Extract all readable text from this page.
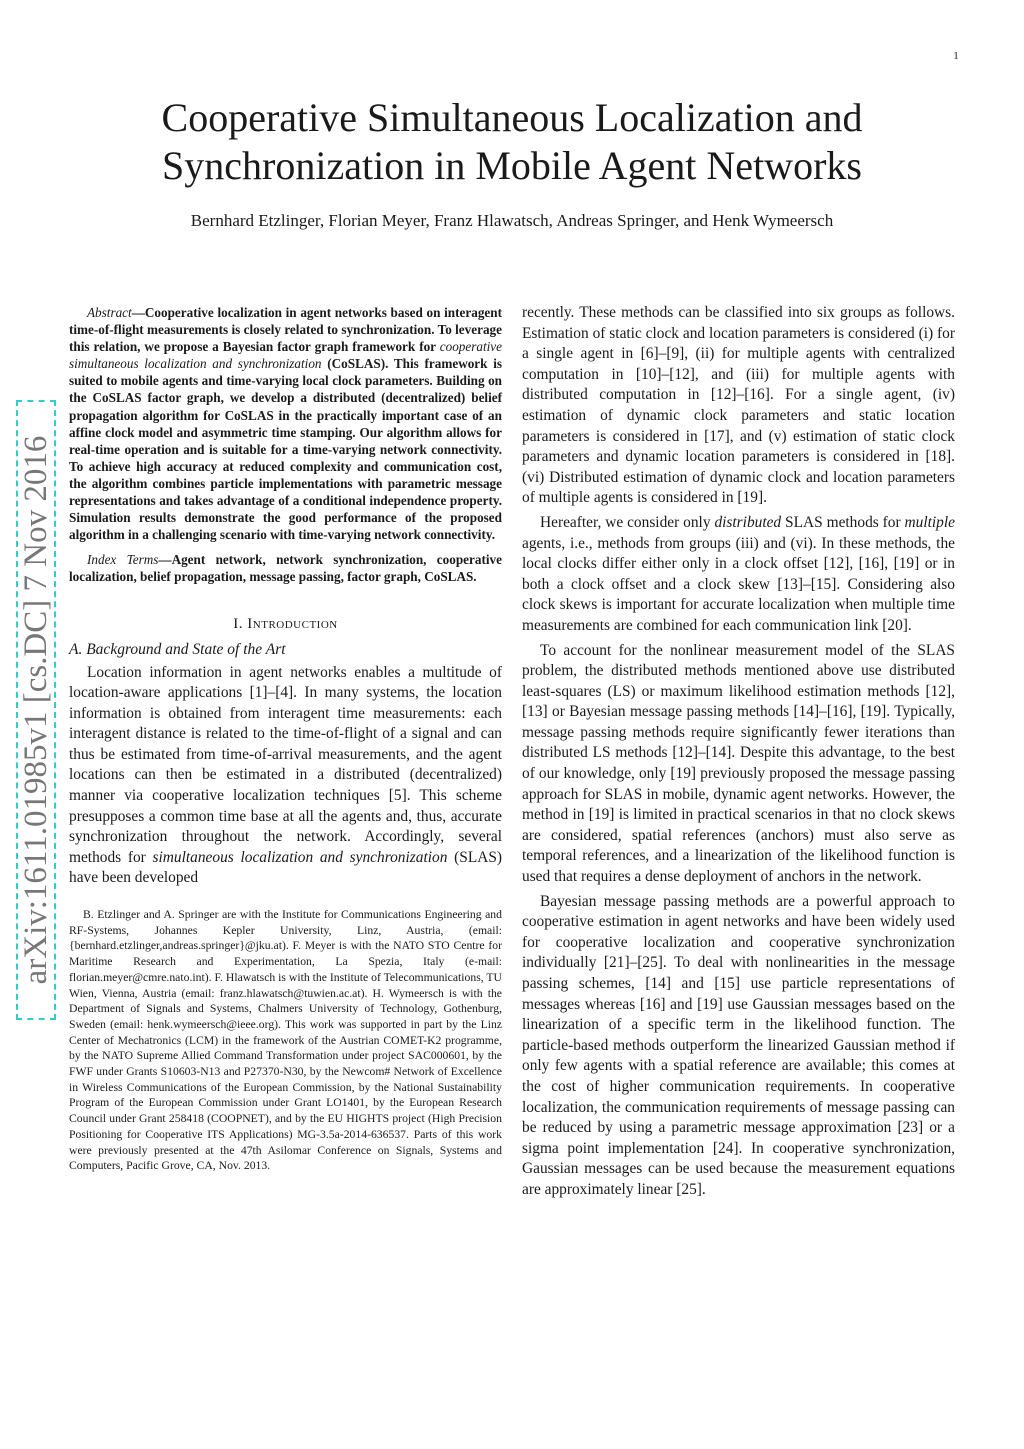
1
Cooperative Simultaneous Localization and Synchronization in Mobile Agent Networks
Bernhard Etzlinger, Florian Meyer, Franz Hlawatsch, Andreas Springer, and Henk Wymeersch
arXiv:1611.01985v1 [cs.DC] 7 Nov 2016

Abstract—Cooperative localization in agent networks based on interagent time-of-flight measurements is closely related to synchronization. To leverage this relation, we propose a Bayesian factor graph framework for cooperative simultaneous localization and synchronization (CoSLAS). This framework is suited to mobile agents and time-varying local clock parameters. Building on the CoSLAS factor graph, we develop a distributed (decentralized) belief propagation algorithm for CoSLAS in the practically important case of an affine clock model and asymmetric time stamping. Our algorithm allows for real-time operation and is suitable for a time-varying network connectivity. To achieve high accuracy at reduced complexity and communication cost, the algorithm combines particle implementations with parametric message representations and takes advantage of a conditional independence property. Simulation results demonstrate the good performance of the proposed algorithm in a challenging scenario with time-varying network connectivity.

Index Terms—Agent network, network synchronization, cooperative localization, belief propagation, message passing, factor graph, CoSLAS.

I. Introduction
A. Background and State of the Art

Location information in agent networks enables a multitude of location-aware applications [1]–[4]. In many systems, the location information is obtained from interagent time measurements: each interagent distance is related to the time-of-flight of a signal and can thus be estimated from time-of-arrival measurements, and the agent locations can then be estimated in a distributed (decentralized) manner via cooperative localization techniques [5]. This scheme presupposes a common time base at all the agents and, thus, accurate synchronization throughout the network. Accordingly, several methods for simultaneous localization and synchronization (SLAS) have been developed

B. Etzlinger and A. Springer are with the Institute for Communications Engineering and RF-Systems, Johannes Kepler University, Linz, Austria, (email:{bernhard.etzlinger,andreas.springer}@jku.at). F. Meyer is with the NATO STO Centre for Maritime Research and Experimentation, La Spezia, Italy (e-mail: florian.meyer@cmre.nato.int). F. Hlawatsch is with the Institute of Telecommunications, TU Wien, Vienna, Austria (email: franz.hlawatsch@tuwien.ac.at). H. Wymeersch is with the Department of Signals and Systems, Chalmers University of Technology, Gothenburg, Sweden (email: henk.wymeersch@ieee.org). This work was supported in part by the Linz Center of Mechatronics (LCM) in the framework of the Austrian COMET-K2 programme, by the NATO Supreme Allied Command Transformation under project SAC000601, by the FWF under Grants S10603-N13 and P27370-N30, by the Newcom# Network of Excellence in Wireless Communications of the European Commission, by the National Sustainability Program of the European Commission under Grant LO1401, by the European Research Council under Grant 258418 (COOPNET), and by the EU HIGHTS project (High Precision Positioning for Cooperative ITS Applications) MG-3.5a-2014-636537. Parts of this work were previously presented at the 47th Asilomar Conference on Signals, Systems and Computers, Pacific Grove, CA, Nov. 2013.

recently. These methods can be classified into six groups as follows. Estimation of static clock and location parameters is considered (i) for a single agent in [6]–[9], (ii) for multiple agents with centralized computation in [10]–[12], and (iii) for multiple agents with distributed computation in [12]–[16]. For a single agent, (iv) estimation of dynamic clock parameters and static location parameters is considered in [17], and (v) estimation of static clock parameters and dynamic location parameters is considered in [18]. (vi) Distributed estimation of dynamic clock and location parameters of multiple agents is considered in [19].

Hereafter, we consider only distributed SLAS methods for multiple agents, i.e., methods from groups (iii) and (vi). In these methods, the local clocks differ either only in a clock offset [12], [16], [19] or in both a clock offset and a clock skew [13]–[15]. Considering also clock skews is important for accurate localization when multiple time measurements are combined for each communication link [20].

To account for the nonlinear measurement model of the SLAS problem, the distributed methods mentioned above use distributed least-squares (LS) or maximum likelihood estimation methods [12], [13] or Bayesian message passing methods [14]–[16], [19]. Typically, message passing methods require significantly fewer iterations than distributed LS methods [12]–[14]. Despite this advantage, to the best of our knowledge, only [19] previously proposed the message passing approach for SLAS in mobile, dynamic agent networks. However, the method in [19] is limited in practical scenarios in that no clock skews are considered, spatial references (anchors) must also serve as temporal references, and a linearization of the likelihood function is used that requires a dense deployment of anchors in the network.

Bayesian message passing methods are a powerful approach to cooperative estimation in agent networks and have been widely used for cooperative localization and cooperative synchronization individually [21]–[25]. To deal with nonlinearities in the message passing schemes, [14] and [15] use particle representations of messages whereas [16] and [19] use Gaussian messages based on the linearization of a specific term in the likelihood function. The particle-based methods outperform the linearized Gaussian method if only few agents with a spatial reference are available; this comes at the cost of higher communication requirements. In cooperative localization, the communication requirements of message passing can be reduced by using a parametric message approximation [23] or a sigma point implementation [24]. In cooperative synchronization, Gaussian messages can be used because the measurement equations are approximately linear [25].
